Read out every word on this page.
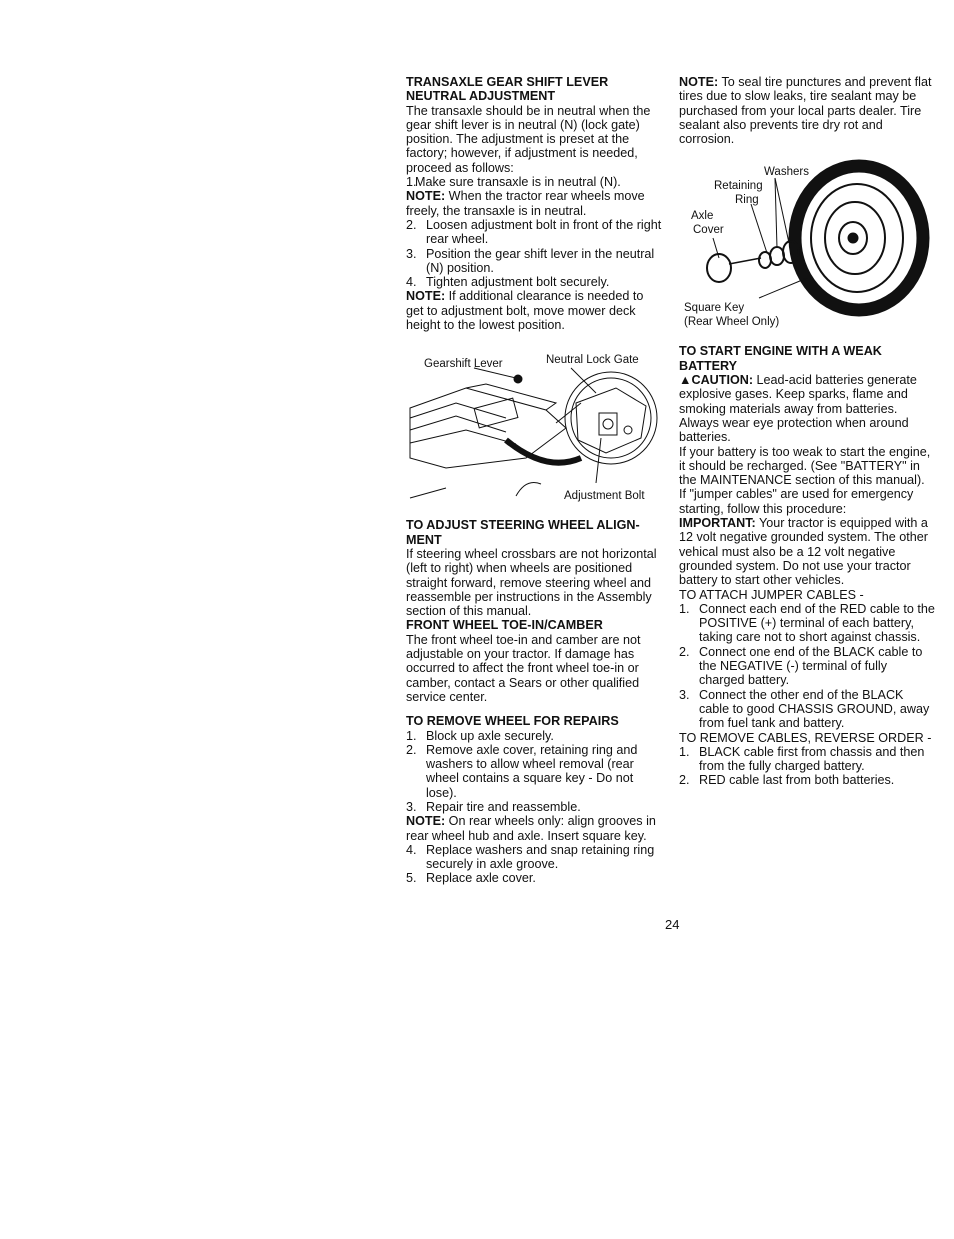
TRANSAXLE GEAR SHIFT LEVER

NEUTRAL ADJUSTMENT

The transaxle should be in neutral when the gear shift lever is in neutral (N) (lock gate) position. The adjustment is preset at the factory; however, if adjustment is needed, proceed as follows:

1.
Make sure transaxle is in neutral (N).

NOTE: When the tractor rear wheels move freely, the transaxle is in neutral.

2. Loosen adjustment bolt in front of the right rear wheel.
3. Position the gear shift lever in the neutral (N) position.
4. Tighten adjustment bolt securely.

NOTE: If additional clearance is needed to get to adjustment bolt, move mower deck height to the lowest position.

Gearshift Lever	Neutral Lock Gate
Adjustment Bolt

TO ADJUST STEERING WHEEL ALIGN-MENT

If steering wheel crossbars are not horizontal (left to right) when wheels are positioned straight forward, remove steering wheel and reassemble per instructions in the Assembly section of this manual.

FRONT WHEEL TOE-IN/CAMBER

The front wheel toe-in and camber are not adjustable on your tractor. If damage has occurred to affect the front wheel toe-in or camber, contact a Sears or other qualified service center.

TO REMOVE WHEEL FOR REPAIRS

1. Block up axle securely.
2. Remove axle cover, retaining ring and washers to allow wheel removal (rear wheel contains a square key - Do not lose).
3. Repair tire and reassemble.

NOTE: On rear wheels only: align grooves in rear wheel hub and axle. Insert square key.

4. Replace washers and snap retaining ring securely in axle groove.
5. Replace axle cover.

NOTE: To seal tire punctures and prevent flat tires due to slow leaks, tire sealant may be purchased from your local parts dealer. Tire sealant also prevents tire dry rot and corrosion.

Washers
Retaining
Ring
Axle
Cover
Square Key
(Rear Wheel Only)

TO START ENGINE WITH A WEAK BATTERY

▲CAUTION: Lead-acid batteries generate explosive gases. Keep sparks, flame and smoking materials away from batteries. Always wear eye protection when around batteries.

If your battery is too weak to start the engine, it should be recharged. (See "BATTERY" in the MAINTENANCE section of this manual).

If "jumper cables" are used for emergency starting, follow this procedure:

IMPORTANT: Your tractor is equipped with a 12 volt negative grounded system. The other vehical must also be a 12 volt negative grounded system. Do not use your tractor battery to start other vehicles.

TO ATTACH JUMPER CABLES -

1. Connect each end of the RED cable to the POSITIVE (+) terminal of each battery, taking care not to short against chassis.
2. Connect one end of the BLACK cable to the NEGATIVE (-) terminal of fully charged battery.
3. Connect the other end of the BLACK cable to good CHASSIS GROUND, away from fuel tank and battery.

TO REMOVE CABLES, REVERSE ORDER -

1. BLACK cable first from chassis and then from the fully charged battery.
2. RED cable last from both batteries.
24
